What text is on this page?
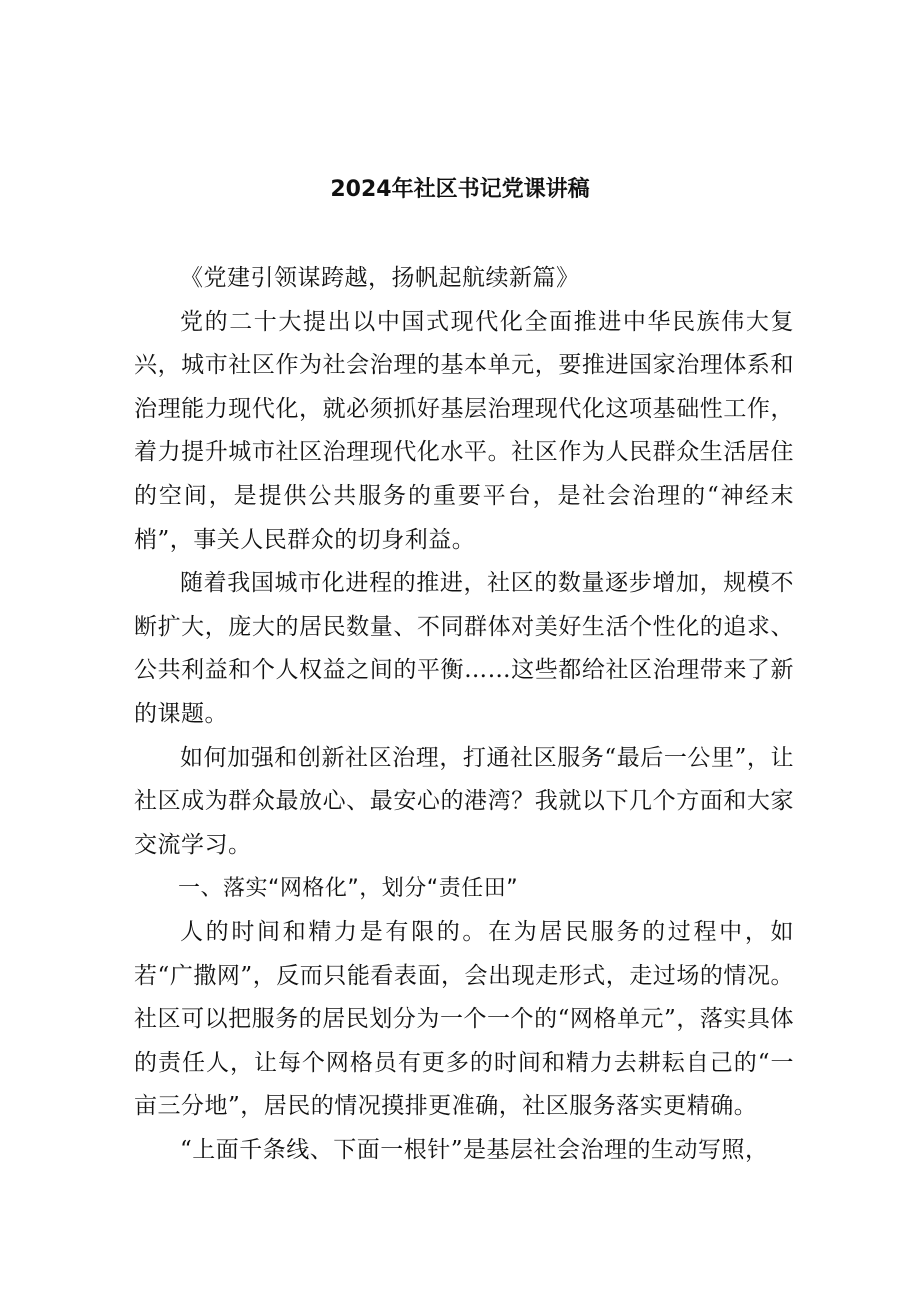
2024年社区书记党课讲稿

《党建引领谋跨越，扬帆起航续新篇》

党的二十大提出以中国式现代化全面推进中华民族伟大复兴，城市社区作为社会治理的基本单元，要推进国家治理体系和治理能力现代化，就必须抓好基层治理现代化这项基础性工作，着力提升城市社区治理现代化水平。社区作为人民群众生活居住的空间，是提供公共服务的重要平台，是社会治理的“神经末梢”，事关人民群众的切身利益。

随着我国城市化进程的推进，社区的数量逐步增加，规模不断扩大，庞大的居民数量、不同群体对美好生活个性化的追求、公共利益和个人权益之间的平衡……这些都给社区治理带来了新的课题。

如何加强和创新社区治理，打通社区服务“最后一公里”，让社区成为群众最放心、最安心的港湾？我就以下几个方面和大家交流学习。

一、落实“网格化”，划分“责任田”

人的时间和精力是有限的。在为居民服务的过程中，如若“广撒网”，反而只能看表面，会出现走形式，走过场的情况。社区可以把服务的居民划分为一个一个的“网格单元”，落实具体的责任人，让每个网格员有更多的时间和精力去耕耘自己的“一亩三分地”，居民的情况摸排更准确，社区服务落实更精确。

“上面千条线、下面一根针”是基层社会治理的生动写照，
